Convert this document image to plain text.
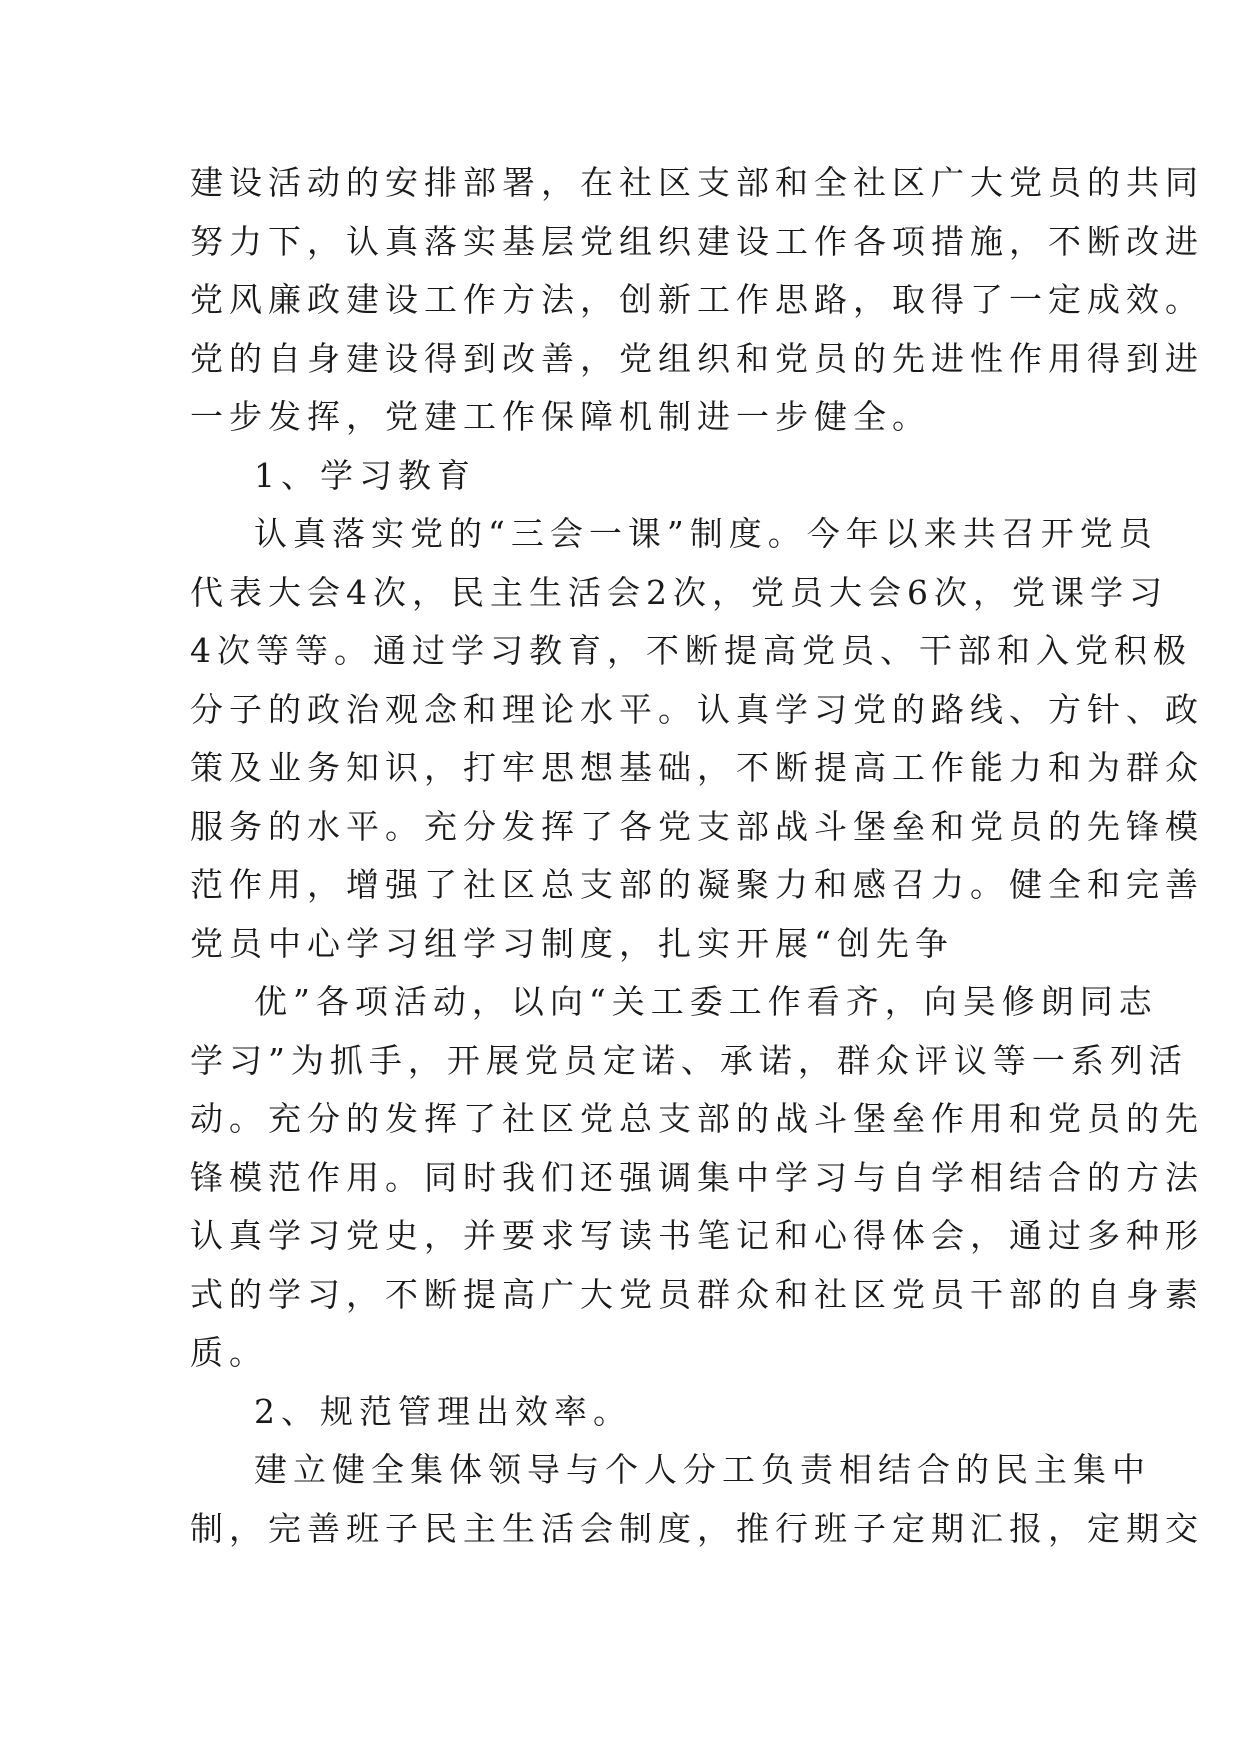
建设活动的安排部署，在社区支部和全社区广大党员的共同
努力下，认真落实基层党组织建设工作各项措施，不断改进
党风廉政建设工作方法，创新工作思路，取得了一定成效。
党的自身建设得到改善，党组织和党员的先进性作用得到进
一步发挥，党建工作保障机制进一步健全。
1、学习教育
认真落实党的“三会一课”制度。今年以来共召开党员
代表大会4次，民主生活会2次，党员大会6次，党课学习
4次等等。通过学习教育，不断提高党员、干部和入党积极
分子的政治观念和理论水平。认真学习党的路线、方针、政
策及业务知识，打牢思想基础，不断提高工作能力和为群众
服务的水平。充分发挥了各党支部战斗堡垒和党员的先锋模
范作用，增强了社区总支部的凝聚力和感召力。健全和完善
党员中心学习组学习制度，扎实开展“创先争
优”各项活动，以向“关工委工作看齐，向吴修朗同志
学习”为抓手，开展党员定诺、承诺，群众评议等一系列活
动。充分的发挥了社区党总支部的战斗堡垒作用和党员的先
锋模范作用。同时我们还强调集中学习与自学相结合的方法
认真学习党史，并要求写读书笔记和心得体会，通过多种形
式的学习，不断提高广大党员群众和社区党员干部的自身素
质。
2、规范管理出效率。
建立健全集体领导与个人分工负责相结合的民主集中
制，完善班子民主生活会制度，推行班子定期汇报，定期交
